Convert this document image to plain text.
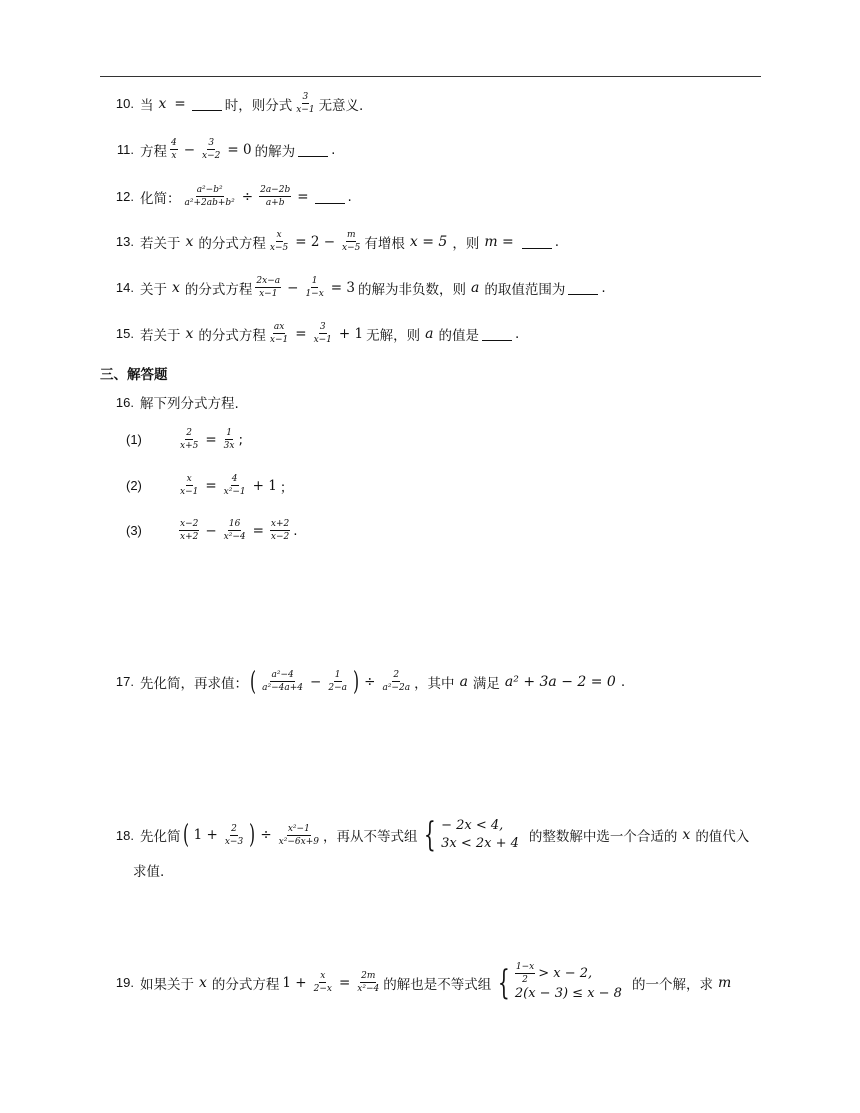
10. 当 x =	时，则分式 $\frac{3}{x-1}$ 无意义.
11. 方程 $\frac{4}{x} - \frac{3}{x-2} = 0$ 的解为	.
12. 化简： $\frac{\text{a²−b²}}{\text{a²+2ab+b²}} \div \frac{2a-2b}{a+b}$ =	.
13. 若关于 x 的分式方程 $\frac{x}{x-5} = 2 - \frac{m}{x-5}$ 有增根 x = 5 ，则 m =	.
14. 关于 x 的分式方程 $\frac{2x-a}{x-1} - \frac{1}{1-x} = 3$ 的解为非负数，则 a 的取值范围为	.
15. 若关于 x 的分式方程 $\frac{ax}{x-1} = \frac{3}{x-1} + 1$ 无解，则 a 的值是	.
三、解答题
16. 解下列分式方程.
(1)	$\frac{2}{x+5} = \frac{1}{3x}$ ;
(2)	$\frac{x}{x-1} = \frac{4}{\text{x²−1}} + 1$ ；
(3)	$\frac{x-2}{x+2} - \frac{16}{\text{x²−4}} = \frac{x+2}{x-2}$ .
17. 先化简，再求值： ( $\frac{\text{a²−4}}{\text{a²−4a+4}} - \frac{1}{2-a}$ ) ÷ $\frac{2}{\text{a²−2a}}$ ，其中 a 满足 a² + 3a − 2 = 0 .
18. 先化简 ( $1 + \frac{2}{x-3}$ ) ÷ $\frac{\text{x²−1}}{\text{x²−6x+9}}$ ，再从不等式组 { − 2x < 4,
3x < 2x + 4 的整数解中选一个合适的 x 的值代入
求值.
19. 如果关于 x 的分式方程 $1 + \frac{x}{2-x} = \frac{2m}{\text{x²−4}}$ 的解也是不等式组 { $\frac{1-x}{2} > x - 2$,
2(x − 3) ≤ x − 8
的一个解，求 m
